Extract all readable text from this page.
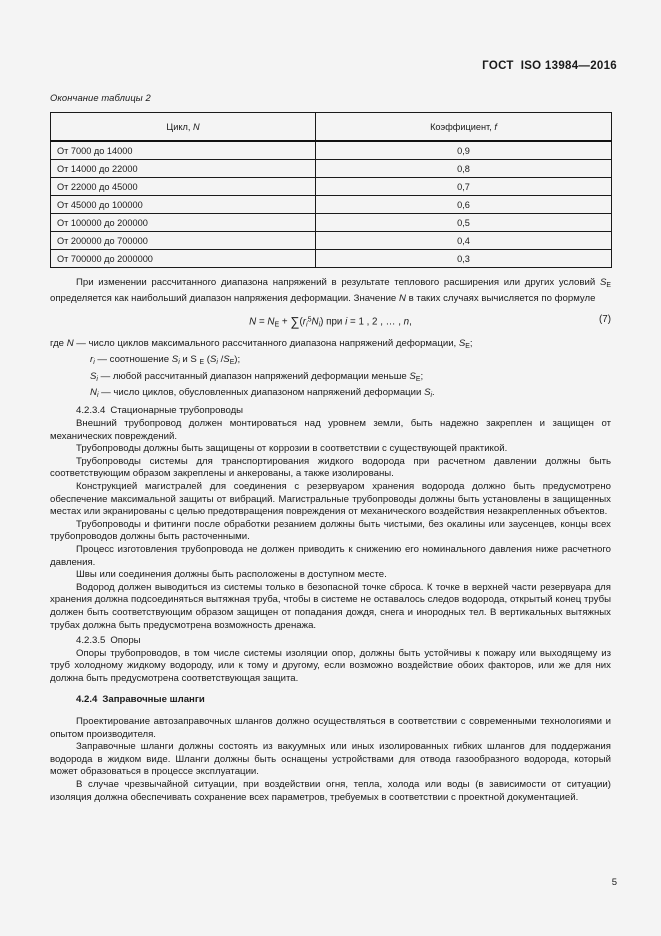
ГОСТ ISO 13984—2016
Окончание таблицы 2
Цикл, N	Коэффициент, f
От 7000 до 14000	0,9
От 14000 до 22000	0,8
От 22000 до 45000	0,7
От 45000 до 100000	0,6
От 100000 до 200000	0,5
От 200000 до 700000	0,4
От 700000 до 2000000	0,3

При изменении рассчитанного диапазона напряжений в результате теплового расширения или других условий $S_E$ определяется как наибольший диапазон напряжения деформации. Значение N в таких случаях вычисляется по формуле

$N = N_E + \sum(r_i^5N_i)$ при i = 1 , 2 , … , n,	(7)
где N — число циклов максимального рассчитанного диапазона напряжений деформации, $S_E$;
$r_i$ — соотношение $S_i$ и S $_E$ ($S_i$ $/S_E$);
$S_i$ — любой рассчитанный диапазон напряжений деформации меньше $S_E$;
$N_i$ — число циклов, обусловленных диапазоном напряжений деформации $S_i$.
4.2.3.4 Стационарные трубопроводы

Внешний трубопровод должен монтироваться над уровнем земли, быть надежно закреплен и защищен от механических повреждений.

Трубопроводы должны быть защищены от коррозии в соответствии с существующей практикой.

Трубопроводы системы для транспортирования жидкого водорода при расчетном давлении должны быть соответствующим образом закреплены и анкерованы, а также изолированы.

Конструкцией магистралей для соединения с резервуаром хранения водорода должно быть предусмотрено обеспечение максимальной защиты от вибраций. Магистральные трубопроводы должны быть установлены в защищенных местах или экранированы с целью предотвращения повреждения от механического воздействия незакрепленных объектов.

Трубопроводы и фитинги после обработки резанием должны быть чистыми, без окалины или заусенцев, концы всех трубопроводов должны быть расточенными.

Процесс изготовления трубопровода не должен приводить к снижению его номинального давления ниже расчетного давления.

Швы или соединения должны быть расположены в доступном месте.

Водород должен выводиться из системы только в безопасной точке сброса. К точке в верхней части резервуара для хранения должна подсоединяться вытяжная труба, чтобы в системе не оставалось следов водорода, открытый конец трубы должен быть соответствующим образом защищен от попадания дождя, снега и инородных тел. В вертикальных вытяжных трубах должна быть предусмотрена возможность дренажа.

4.2.3.5 Опоры

Опоры трубопроводов, в том числе системы изоляции опор, должны быть устойчивы к пожару или выходящему из труб холодному жидкому водороду, или к тому и другому, если возможно воздействие обоих факторов, или же для них должна быть предусмотрена соответствующая защита.

4.2.4 Заправочные шланги

Проектирование автозаправочных шлангов должно осуществляться в соответствии с современными технологиями и опытом производителя.

Заправочные шланги должны состоять из вакуумных или иных изолированных гибких шлангов для поддержания водорода в жидком виде. Шланги должны быть оснащены устройствами для отвода газообразного водорода, который может образоваться в процессе эксплуатации.

В случае чрезвычайной ситуации, при воздействии огня, тепла, холода или воды (в зависимости от ситуации) изоляция должна обеспечивать сохранение всех параметров, требуемых в соответствии с проектной документацией.

5
